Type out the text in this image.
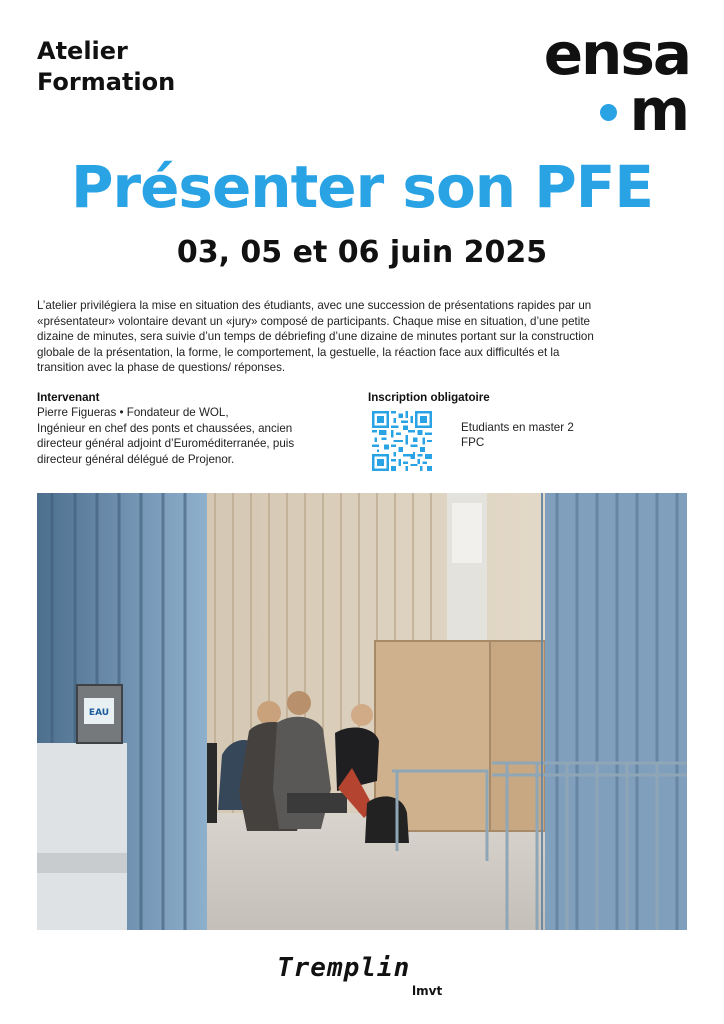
Atelier
Formation	ensa
m
Présenter son PFE
03, 05 et 06 juin 2025
L’atelier privilégiera la mise en situation des étudiants, avec une succession de présentations rapides par un
«présentateur» volontaire devant un «jury» composé de participants. Chaque mise en situation, d’une petite
dizaine de minutes, sera suivie d’un temps de débriefing d’une dizaine de minutes portant sur la construction
globale de la présentation, la forme, le comportement, la gestuelle, la réaction face aux difficultés et la
transition avec la phase de questions/ réponses.
Intervenant
Pierre Figueras • Fondateur de WOL,
Ingénieur en chef des ponts et chaussées, ancien
directeur général adjoint d’Euroméditerranée, puis
directeur général délégué de Projenor.
Inscription obligatoire
Etudiants en master 2
FPC
EAU
Tremplin
lmvt
